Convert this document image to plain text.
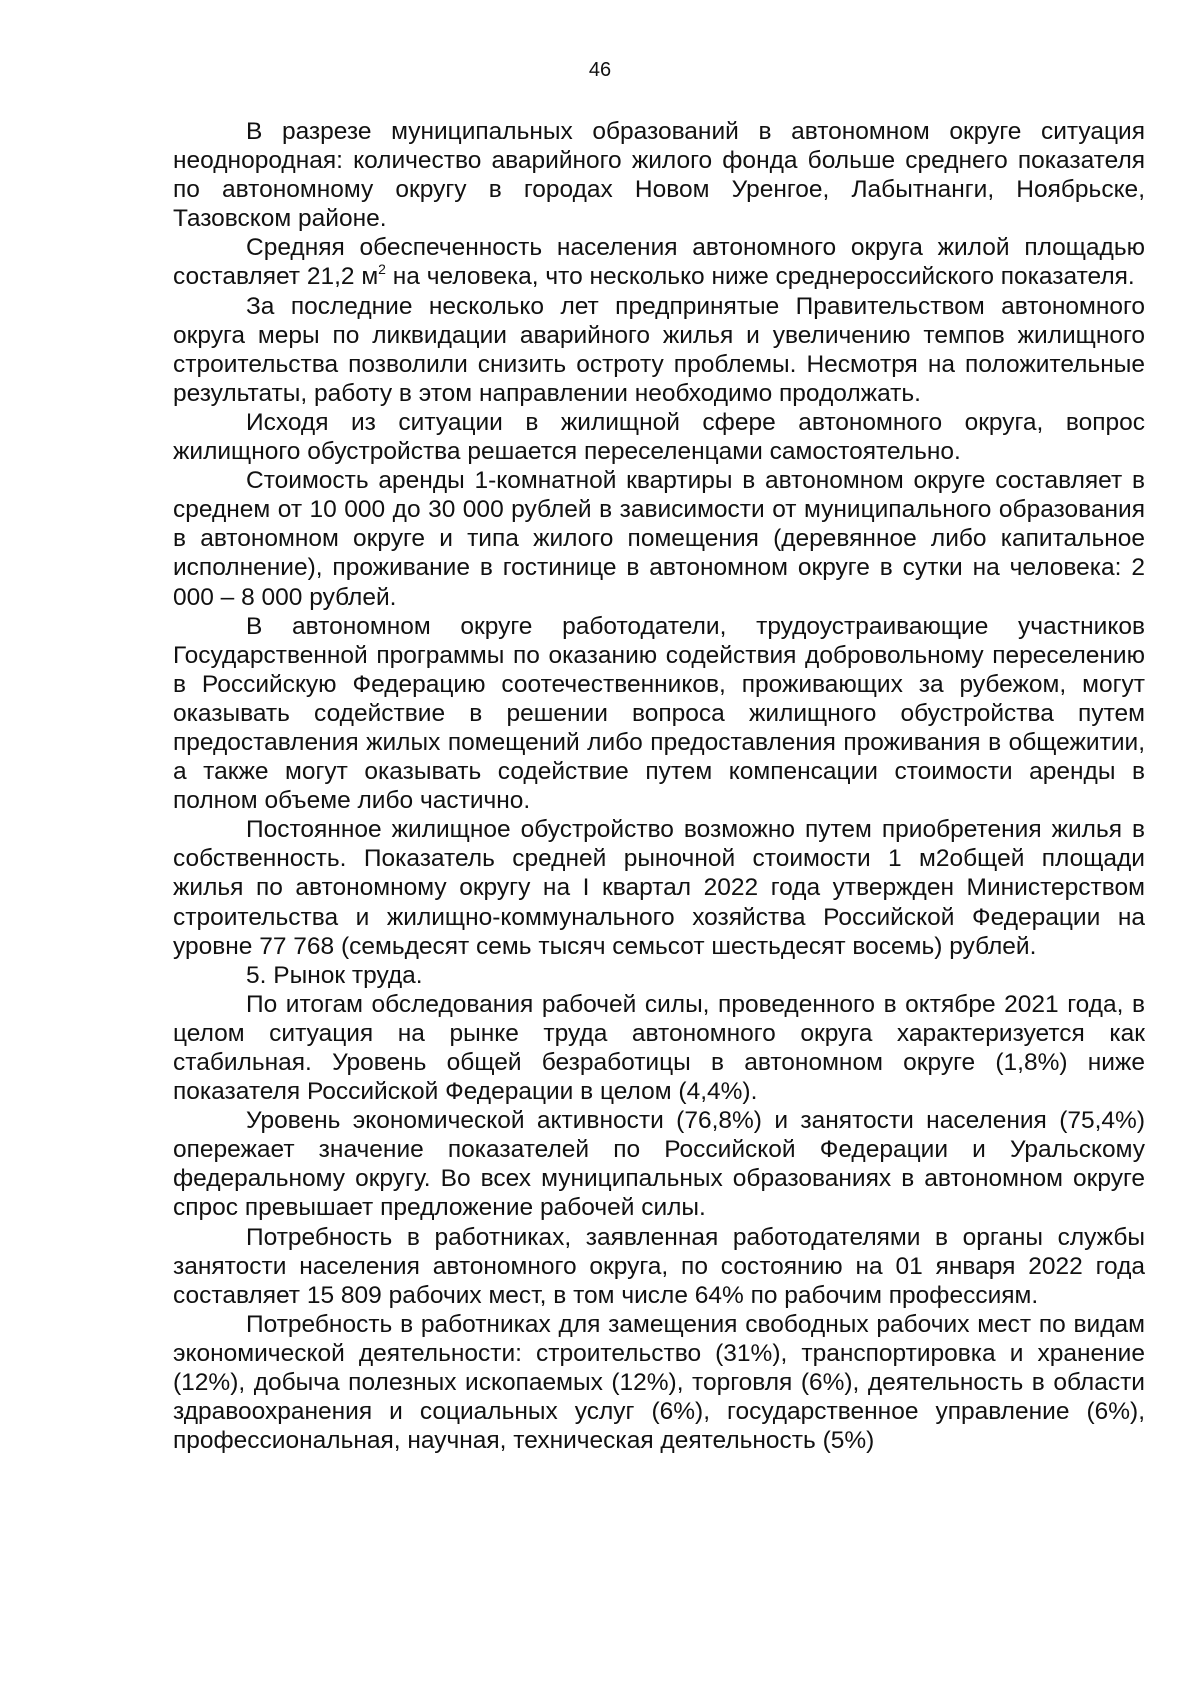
46

В разрезе муниципальных образований в автономном округе ситуация неоднородная: количество аварийного жилого фонда больше среднего показателя по автономному округу в городах Новом Уренгое, Лабытнанги, Ноябрьске, Тазовском районе.

Средняя обеспеченность населения автономного округа жилой площадью составляет 21,2 $м^2$ на человека, что несколько ниже среднероссийского показателя.

За последние несколько лет предпринятые Правительством автономного округа меры по ликвидации аварийного жилья и увеличению темпов жилищного строительства позволили снизить остроту проблемы. Несмотря на положительные результаты, работу в этом направлении необходимо продолжать.

Исходя из ситуации в жилищной сфере автономного округа, вопрос жилищного обустройства решается переселенцами самостоятельно.

Стоимость аренды 1-комнатной квартиры в автономном округе составляет в среднем от 10 000 до 30 000 рублей в зависимости от муниципального образования в автономном округе и типа жилого помещения (деревянное либо капитальное исполнение), проживание в гостинице в автономном округе в сутки на человека: 2 000 – 8 000 рублей.

В автономном округе работодатели, трудоустраивающие участников Государственной программы по оказанию содействия добровольному переселению в Российскую Федерацию соотечественников, проживающих за рубежом, могут оказывать содействие в решении вопроса жилищного обустройства путем предоставления жилых помещений либо предоставления проживания в общежитии, а также могут оказывать содействие путем компенсации стоимости аренды в полном объеме либо частично.

Постоянное жилищное обустройство возможно путем приобретения жилья в собственность. Показатель средней рыночной стоимости 1 м2общей площади жилья по автономному округу на I квартал 2022 года утвержден Министерством строительства и жилищно-коммунального хозяйства Российской Федерации на уровне 77 768 (семьдесят семь тысяч семьсот шестьдесят восемь) рублей.

5. Рынок труда.

По итогам обследования рабочей силы, проведенного в октябре 2021 года, в целом ситуация на рынке труда автономного округа характеризуется как стабильная. Уровень общей безработицы в автономном округе (1,8%) ниже показателя Российской Федерации в целом (4,4%).

Уровень экономической активности (76,8%) и занятости населения (75,4%) опережает значение показателей по Российской Федерации и Уральскому федеральному округу. Во всех муниципальных образованиях в автономном округе спрос превышает предложение рабочей силы.

Потребность в работниках, заявленная работодателями в органы службы занятости населения автономного округа, по состоянию на 01 января 2022 года составляет 15 809 рабочих мест, в том числе 64% по рабочим профессиям.

Потребность в работниках для замещения свободных рабочих мест по видам экономической деятельности: строительство (31%), транспортировка и хранение (12%), добыча полезных ископаемых (12%), торговля (6%), деятельность в области здравоохранения и социальных услуг (6%), государственное управление (6%), профессиональная, научная, техническая деятельность (5%)
